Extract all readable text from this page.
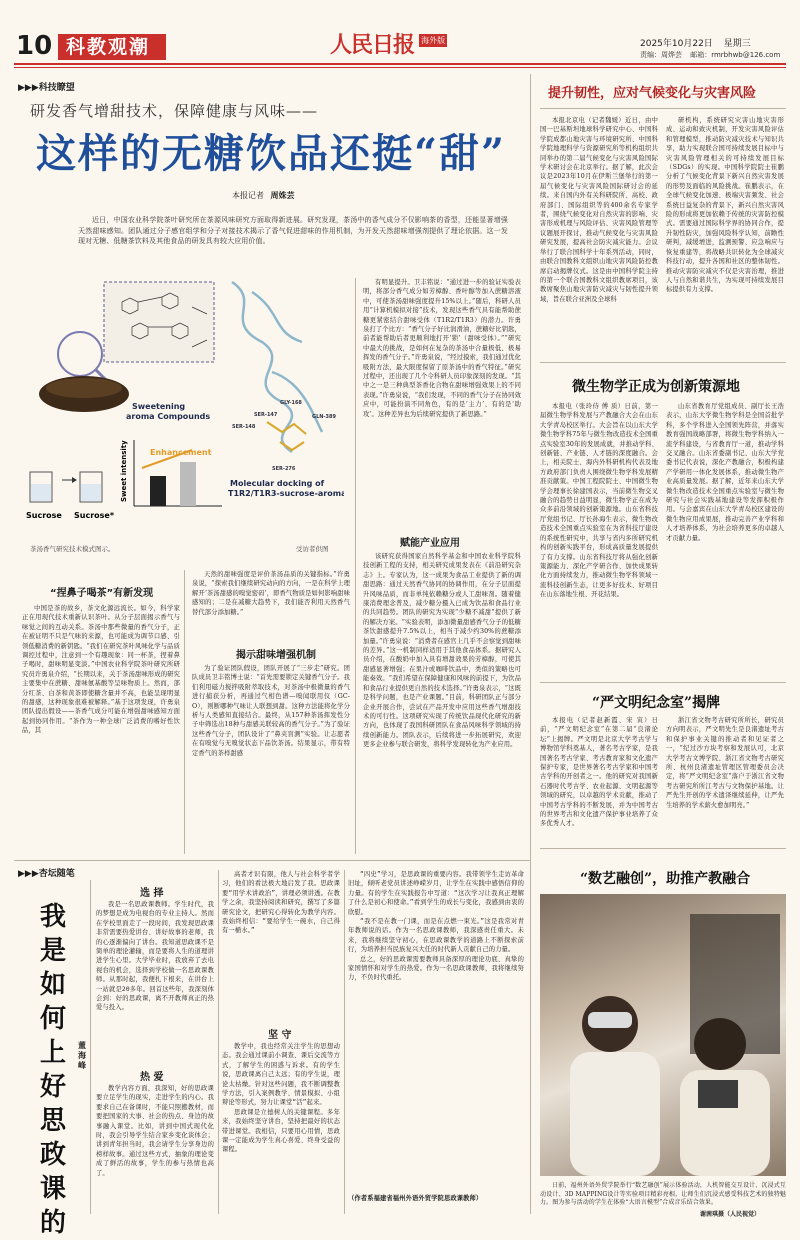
10 科教观潮	人民日报 海外版	2025年10月22日 星期三
责编：周烨芸 邮箱：rmrbhwb@126.com
▶▶▶科技瞭望
研发香气增甜技术，保障健康与风味——
这样的无糖饮品还挺“甜”
本报记者 周姝芸

近日，中国农业科学院茶叶研究所在茶源风味研究方面取得新进展。研究发现，茶汤中的香气成分不仅影响茶的香型，还能显著增强天然甜味感知。团队通过分子感官组学和分子对接技术揭示了香气促进甜味的作用机制，为开发天然甜味增强剂提供了理论依据。这一发现对无糖、低糖茶饮料及其他食品的研发具有较大应用价值。

Sweetening
aroma Compounds
Sweet intensity	Enhancement
Sucrose Sucrose*
GLY-168
SER-147
SER-148
GLN-389
SER-276
Molecular docking of
T1R2/T1R3-sucrose-aroma
茶汤香气研究技术模式图示。	受访者供图

有明显提升。卫丰铭说：“通过进一步的验证实验表明，将部分香气成分如芳樟醇、香叶醇等加入蔗糖溶液中，可使茶汤甜味强度提升15%以上。”随后，科研人员用“计算机模拟对接”技术，发现这些香气具有能帮助蔗糖更紧密结合甜味受体（T1R2/T1R3）的潜力。许勇泉打了个比方：“香气分子好比润滑油，蔗糖好比钥匙，前者能帮助后者更顺利地打开‘锁’（甜味受体）。”“研究中最大的挑战，是如何在复杂的茶汤中合量极低、极易挥发的香气分子。”许勇泉说，“经过摸索，我们通过优化吸附方法，最大限度保留了原茶汤中的香气特征。”研究过程中，还出现了几个令科研人员印象深刻的发现。“其中之一是三种典型茶香化合物在甜味增强效果上的不同表现。”许勇泉说，“我们发现，不同的香气分子在协同效应中，可能扮演不同角色，有的是‘主力’、有的是‘助攻’。这种差异也为后续研究提供了新思路。”

赋能产业应用

该研究获得国家自然科学基金和中国农业科学院科技创新工程的支持，相关研究成果发表在《前沿研究杂志》上。专家认为，这一成果为食品工业提供了新的调甜思路：通过天然香气协同的协调作用，在分子层面提升风味品质，而非单纯依赖糖分或人工甜味剂。随着健康消费理念普及，减少糖分摄入已成为饮品和食品行业的共同趋势。团队的研究为实现“少糖不减甜”提供了新的解决方案。“实验表明，添加微量甜感香气分子的低糖茶饮甜感提升7.5%以上，相当于减少约30%的蔗糖添加量。”许勇泉说：“消费者在感官上几乎不会察觉到甜味的差异。”这一机制同样适用于其他食品体系。据研究人员介绍，在酸奶中加入具有增甜效果的芳樟醇，可使其甜感显著增强；在果汁或咖啡饮品中，类似的策略也可能奏效。“我们希望在保障健康和风味的前提下，为饮品和食品行业提供更自然的技术选择。”许勇泉表示，“这既是科学问题，也是产业课题。”目前，科研团队正与部分企业开展合作，尝试在产品开发中应用这些香气增甜技术的可行性。这项研究实现了传统饮品现代化研究的新方向，也体现了我国科研团队在食品风味科学领域的持续创新能力。团队表示，后续将进一步拓展研究，欢迎更多企业参与联合研发，将科学发现转化为产业应用。

“捏鼻子喝茶”有新发现

中国是茶的故乡，茶文化源远流长。如今，科学家正在用现代技术重新认识茶叶。从分子层面揭示香气与味觉之间的互动关系。茶汤中那些微量的香气分子，正在被证明不只是气味的来源，也可能成为调节口感、引领低糖消费的新钥匙。“我们在研究茶叶风味化学与品质调控过程中，注意到一个有趣现象：同一杯茶，捏着鼻子喝时，甜味明显变淡。”中国农业科学院茶叶研究所研究员许勇泉介绍，“长期以来，关于茶汤甜味形成的研究主要集中在蔗糖、甜味氨基酸等呈味物质上。然而，部分红茶、白茶和黄茶即使糖含量并不高，也能呈现明显的甜感，这种现象很难被解释。”基于这项发现，许勇泉团队提出假设——茶香气成分可能在增强甜味感知方面起到协同作用。“茶作为一种全球广泛消费的嗜好性饮品，其

天然的甜味强度是评价茶汤品质的关键指标。”许勇泉说，“探索我们继续研究动向的方向，一是在科学上理解开‘茶汤甜感的嗅觉密码’，即香气物质是如何影响甜味感知的；二是在减糖大趋势下，我们能否利用天然香气替代部分添加糖。”

揭示甜味增强机制

为了验证团队假设，团队开展了“三步走”研究。团队成员卫丰铭博士说：“首先需要锁定关键香气分子。我们利用磁力搅拌吸附萃取技术，对茶汤中极微量的香气进行捕获分析，再通过气相色谱—嗅闻联用仪（GC-O），则断哪种气味让人联想到甜。这种方法能将化学分析与人类感知直接结合。最终，从157种茶汤挥发性分子中筛选出18种与甜感关联较高的香气分子。”为了验证这些香气分子，团队设计了“鼻夹盲测”实验。让志愿者在有嗅觉与无嗅觉状态下品饮茶汤。结果显示，带有特定香气的茶样甜感

提升韧性，应对气候变化与灾害风险

本报北京电（记者魏媛）近日，由中国一巴基斯坦地球科学研究中心、中国科学院成都山地灾害与环境研究所、中国科学院地理科学与资源研究所等机构组织共同举办的第二届气候变化与灾害风险国际学术研讨会在北京举行。据了解，此次会议是2023年10月在伊斯兰堡举行的第一届气候变化与灾害风险国际研讨会的延续。来自国内外有关科研院所、高校、政府部门、国际组织等的400余名专家学者，围绕气候变化对自然灾害的影响、灾害形成机理与风险评估、灾害风险管理等议题展开探讨，推动气候变化与灾害风险研究发展，提高社会防灾减灾能力。会议举行了联合国科学十年系列活动，同时，由联合国教科文组织山地灾害风险防控教席启动揭牌仪式。这是由中国科学院主持的第一个联合国教科文组织教席项目，该教席聚焦山地灾害防灾减灾与韧性提升领域，旨在联合亚洲及全球科

研机构，系统研究灾害山地灾害形成、运动和致灾机制，开发灾害风险评估和管理模型，推动防灾减灾技术与知识共享，助力实现联合国可持续发展目标中与灾害风险管理相关的可持续发展目标（SDGs）的实现。中国科学院院士崔鹏分析了气候变化背景下新兴自然灾害发展的形势及面临的风险挑战。崔鹏表示，在全球气候变化加速、极端灾害频发、社会系统日益复杂的背景下，新兴自然灾害风险的形成将更加依赖于传统的灾害防控模式。需要通过国际科学界的协同合作，提升韧性防灾，加强风险科学认知，前瞻性研判，减缓增进，监测预警、应急响应与恢复重建等，将战略共识转化为全球减灾科技行动，提升各国和社区的整体韧性。推动灾害防灾减灾不仅是灾害治理，推进人与自然和谐共生，为实现可持续发展目标提供有力支撑。

微生物学正成为创新策源地

本报电（张玲侍 傅 质）日前，第一届微生物学科发展与产教融合大会在山东大学青岛校区举行。大会旨在以山东大学微生物学科75年与微生物改造技术全国重点实验室30年的发展成就，并推动学科、创新链、产业链、人才链的深度融合。会上，相关院士、海内外科研机构代表及地方政府部门负责人围绕微生物学科发展精准贡献策。中国工程院院士、中国微生物学会理事长徐建国表示，当前微生物交叉融合的趋势日益明显，微生物学正在成为众多前沿领域的创新策源地。山东省科技厅党组书记、厅长孙海生表示，微生物改造技术全国重点实验室在为省科技厅建设的系统性研究中，共享与省内多所研究机构的创新实践平台，形成高质量发展提供了有力支撑。山东省科技厅将从强化创新策源能力、深化产学研合作、加快成果转化方面持续发力，推动微生物学科领域一流科技创新生态，让更多好技术、好项目在山东落地生根、开花结果。

山东省教育厅党组成员、副厅长王浩表示，山东大学微生物学科是全国首批学科，多个学科进入全国领先阵营，并落实教育强国战略部署，将微生物学科纳入一流学科建设，与省教育厅一道，推动学科交叉融合。山东省委副书记、山东大学党委书记代表说，深化产教融合，积极构建产学研用一体化发展体系，推动微生物产业高质量发展。据了解，近年来山东大学微生物改造技术全国重点实验室与微生物研究与社会实践基地建设等发挥积极作用。与会嘉宾在山东大学青岛校区建设的微生物应用成果展，推动完善产业学科和人才培养体系，为社会培养更多的卓越人才贡献力量。

“严文明纪念室”揭牌

本报电（记者赵新霞、宋 寅）日前，“严文明纪念室”在第二届“良渚论坛”上揭牌。严文明是北京大学考古学与博物馆学科奠基人，著名考古学家，是我国著名考古学家、考古教育家和文化遗产保护专家，是世界著名考古学家和中国考古学科的开创者之一。他的研究对我国新石器时代考古学、农业起源、文明起源等领域的研究，以卓越的学术贡献，推动了中国考古学科的不断发展，并为中国考古的世界考古和文化遗产保护事业培养了众多优秀人才。

浙江省文物考古研究所所长，研究员方向明表示，严文明先生是良渚遗址考古和保护事业关键的推动者和见证者之一，“纪过沙方块考察和发展认可，北京大学考古文博学院、浙江省文物考古研究所、杭州良渚遗址管理区管理委员会决定，将“严文明纪念室”落户于浙江省文物考古研究所所江考古与文物保护基地。让严先生开创的学术遗泽继续延伸，让严先生培养的学术薪火愈加明亮。”

“数艺融创”，助推产教融合

日前，福州外语外贸学院举行“数艺融创”展示体验活动，人机智能交互设计、沉浸式互动设计、3D MAPPING设计等实验项目精彩亮相，让师生们沉浸式感受科技艺术的独特魅力。图为参与活动的学生在体验“大语言模型”合成音乐结合效果。

谢茜琪摄（人民视觉）
▶▶▶杏坛随笔
我是如何上好思政课的
董海峰
选 择

我是一名思政课教师。学生时代，我的梦想是成为电视台的专业主持人。然而在学校里面走了一段时间，我发现思政课非常需要热爱讲台、讲好故事的老师，我的心逐渐偏向了讲台。我知道思政课不是简单的理论灌输，而是要将人生的道理讲进学生心里。大学毕业时，我放弃了去电视台的机会，选择到学校做一名思政课教师。从那时起，我便扎下根来，在讲台上一站就是20多年。回首这些年，我深刻体会到：好的思政课，离不开教师真正的热爱与投入。

热 爱

教学内容方面，我深知，好的思政课要立足学生的现实，走进学生的内心。我要求自己在备课时，不能只照搬教材，而要把国家的大事、社会的热点、身边的故事融入课堂。比如，讲到中国式现代化时，我会引导学生结合家乡变化谈体会；讲到青年担当时，我会请学生分享身边的榜样故事。通过这些方式，抽象的理论变成了鲜活的故事，学生的参与热情也高了。

高者才识有限，他人与社会科学者学习，他们的看法极大地启发了我。思政课要“用学术讲政治”，讲理必须讲透。在教学之余，我坚持阅读和研究，撰写了多篇研究论文，把研究心得转化为教学内容。我始终相信：“要给学生一碗水，自己得有一桶水。”

坚 守

教学中，我也经常关注学生的思想动态。我会通过课前小调查、课后交流等方式，了解学生的困惑与诉求。有的学生说，思政课离自己太远；有的学生说，理论太枯燥。针对这些问题，我不断调整教学方法，引入案例教学、情景模拟、小组辩论等形式，努力让课堂“活”起来。

思政课是立德树人的关键课程。多年来，我始终坚守讲台，坚持把最好的状态带进课堂。我相信，只要用心用情，思政课一定能成为学生真心喜爱、终身受益的课程。

“四史”学习，是思政课的重要内容。我带领学生走访革命旧址，倾听老党员讲述峥嵘岁月，让学生在实践中感悟信仰的力量。有的学生在实践报告中写道：“这次学习让我真正理解了什么是初心和使命。”看到学生的成长与变化，我感到由衷的欣慰。

“我不是在教一门课，而是在点燃一束光。”这是我常对青年教师说的话。作为一名思政课教师，我深感责任重大。未来，我将继续坚守初心，在思政课教学的道路上不断探索前行，为培养担当民族复兴大任的时代新人贡献自己的力量。

总之，好的思政课需要教师具备深厚的理论功底、真挚的家国情怀和对学生的热爱。作为一名思政课教师，我将继续努力，不负时代重托。

（作者系福建省福州外语外贸学院思政课教师）
